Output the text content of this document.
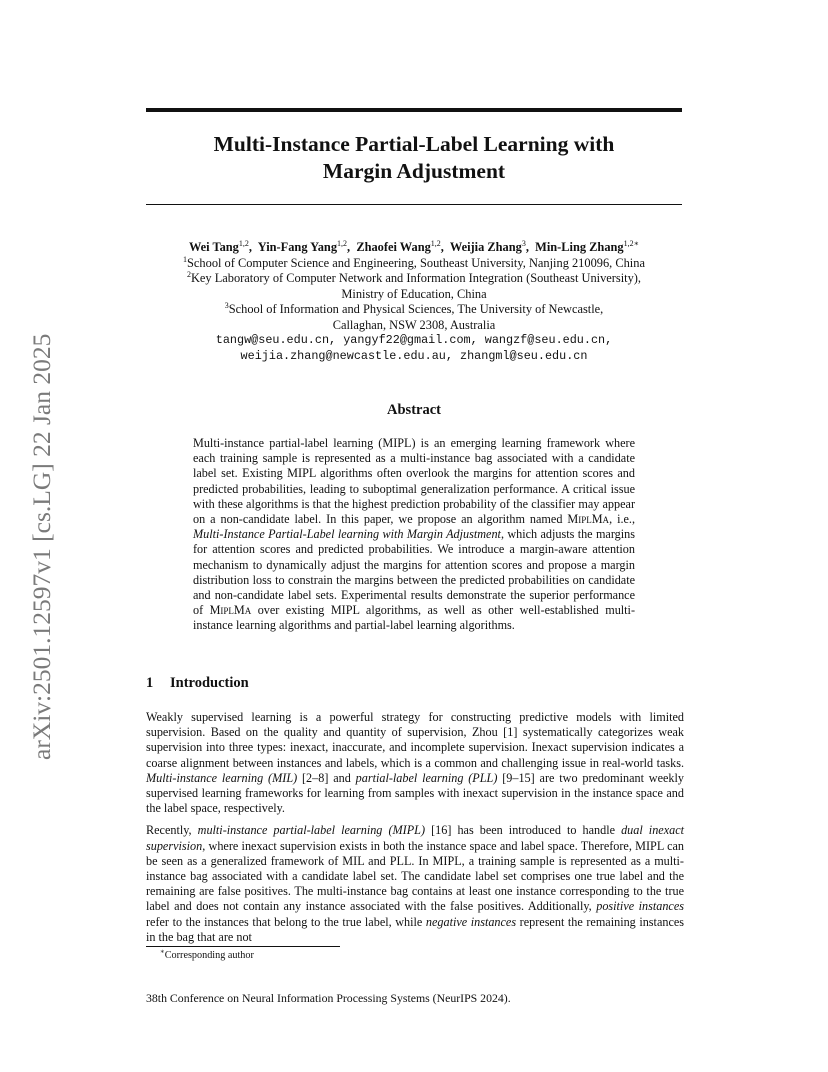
arXiv:2501.12597v1 [cs.LG] 22 Jan 2025
Multi-Instance Partial-Label Learning with
Margin Adjustment
Wei Tang$^{1,2}$,  Yin-Fang Yang$^{1,2}$,  Zhaofei Wang$^{1,2}$,  Weijia Zhang$^3$,  Min-Ling Zhang$^{1,2∗}$
$^1$School of Computer Science and Engineering, Southeast University, Nanjing 210096, China
$^2$Key Laboratory of Computer Network and Information Integration (Southeast University),
Ministry of Education, China
$^3$School of Information and Physical Sciences, The University of Newcastle,
Callaghan, NSW 2308, Australia
tangw@seu.edu.cn, yangyf22@gmail.com, wangzf@seu.edu.cn,
weijia.zhang@newcastle.edu.au, zhangml@seu.edu.cn
Abstract
Multi-instance partial-label learning (MIPL) is an emerging learning framework where each training sample is represented as a multi-instance bag associated with a candidate label set. Existing MIPL algorithms often overlook the margins for attention scores and predicted probabilities, leading to suboptimal generalization performance. A critical issue with these algorithms is that the highest prediction probability of the classifier may appear on a non-candidate label. In this paper, we propose an algorithm named MiplMa, i.e., Multi-Instance Partial-Label learning with Margin Adjustment, which adjusts the margins for attention scores and predicted probabilities. We introduce a margin-aware attention mechanism to dynamically adjust the margins for attention scores and propose a margin distribution loss to constrain the margins between the predicted probabilities on candidate and non-candidate label sets. Experimental results demonstrate the superior performance of MiplMa over existing MIPL algorithms, as well as other well-established multi-instance learning algorithms and partial-label learning algorithms.
1 Introduction

Weakly supervised learning is a powerful strategy for constructing predictive models with limited supervision. Based on the quality and quantity of supervision, Zhou [1] systematically categorizes weak supervision into three types: inexact, inaccurate, and incomplete supervision. Inexact supervision indicates a coarse alignment between instances and labels, which is a common and challenging issue in real-world tasks. Multi-instance learning (MIL) [2–8] and partial-label learning (PLL) [9–15] are two predominant weekly supervised learning frameworks for learning from samples with inexact supervision in the instance space and the label space, respectively.

Recently, multi-instance partial-label learning (MIPL) [16] has been introduced to handle dual inexact supervision, where inexact supervision exists in both the instance space and label space. Therefore, MIPL can be seen as a generalized framework of MIL and PLL. In MIPL, a training sample is represented as a multi-instance bag associated with a candidate label set. The candidate label set comprises one true label and the remaining are false positives. The multi-instance bag contains at least one instance corresponding to the true label and does not contain any instance associated with the false positives. Additionally, positive instances refer to the instances that belong to the true label, while negative instances represent the remaining instances in the bag that are not

∗Corresponding author
38th Conference on Neural Information Processing Systems (NeurIPS 2024).
